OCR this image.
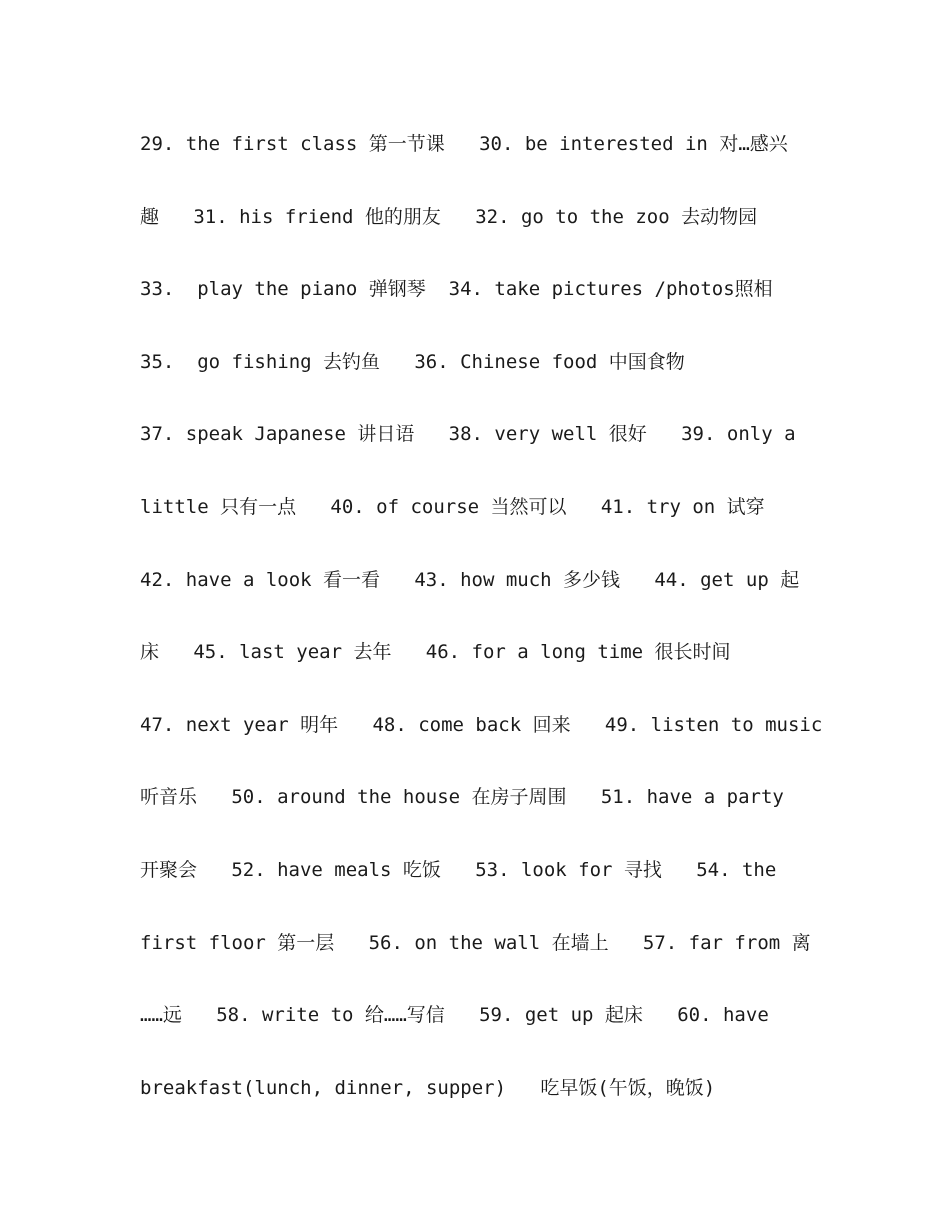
29. the first class 第一节课   30. be interested in 对…感兴
趣   31. his friend 他的朋友   32. go to the zoo 去动物园
33.  play the piano 弹钢琴  34. take pictures /photos照相
35.  go fishing 去钓鱼   36. Chinese food 中国食物
37. speak Japanese 讲日语   38. very well 很好   39. only a
little 只有一点   40. of course 当然可以   41. try on 试穿
42. have a look 看一看   43. how much 多少钱   44. get up 起
床   45. last year 去年   46. for a long time 很长时间
47. next year 明年   48. come back 回来   49. listen to music
听音乐   50. around the house 在房子周围   51. have a party
开聚会   52. have meals 吃饭   53. look for 寻找   54. the
first floor 第一层   56. on the wall 在墙上   57. far from 离
……远   58. write to 给……写信   59. get up 起床   60. have
breakfast(lunch, dinner, supper)   吃早饭(午饭，晚饭)
